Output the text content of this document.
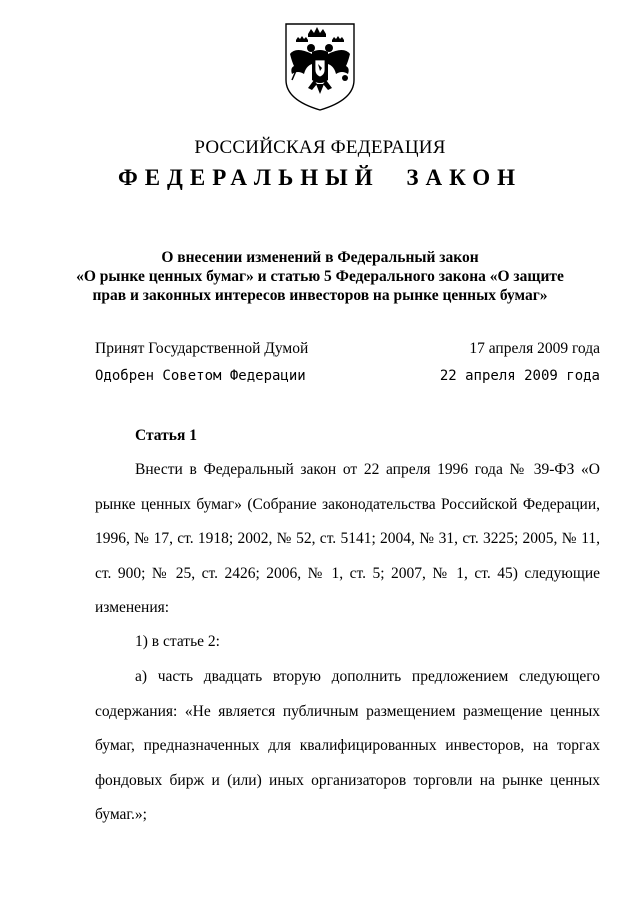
РОССИЙСКАЯ ФЕДЕРАЦИЯ
ФЕДЕРАЛЬНЫЙ ЗАКОН
О внесении изменений в Федеральный закон
«О рынке ценных бумаг» и статью 5 Федерального закона «О защите
прав и законных интересов инвесторов на рынке ценных бумаг»
Принят Государственной Думой	17 апреля 2009 года
Одобрен Советом Федерации	22 апреля 2009 года
Статья 1
Внести в Федеральный закон от 22 апреля 1996 года № 39-ФЗ «О рынке ценных бумаг» (Собрание законодательства Российской Федерации, 1996, № 17, ст. 1918; 2002, № 52, ст. 5141; 2004, № 31, ст. 3225; 2005, № 11, ст. 900; № 25, ст. 2426; 2006, № 1, ст. 5; 2007, № 1, ст. 45) следующие изменения:
1) в статье 2:
а) часть двадцать вторую дополнить предложением следующего содержания: «Не является публичным размещением размещение ценных бумаг, предназначенных для квалифицированных инвесторов, на торгах фондовых бирж и (или) иных организаторов торговли на рынке ценных бумаг.»;
